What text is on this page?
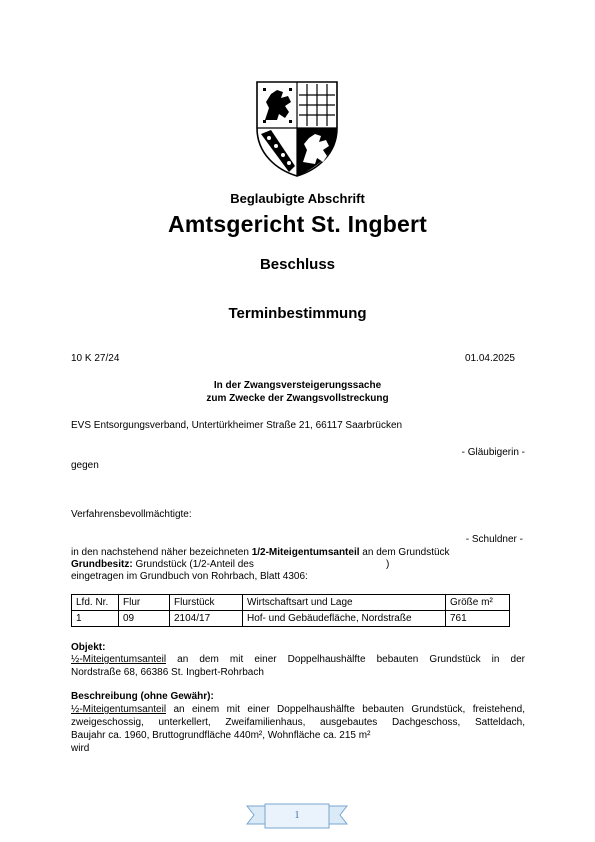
Beglaubigte Abschrift
Amtsgericht St. Ingbert
Beschluss
Terminbestimmung
10 K 27/24	01.04.2025
In der Zwangsversteigerungssache
zum Zwecke der Zwangsvollstreckung
EVS Entsorgungsverband, Untertürkheimer Straße 21, 66117 Saarbrücken
- Gläubigerin -
gegen
Verfahrensbevollmächtigte:
- Schuldner -
in den nachstehend näher bezeichneten 1/2-Miteigentumsanteil an dem Grundstück
Grundbesitz: Grundstück (1/2-Anteil des	)
eingetragen im Grundbuch von Rohrbach, Blatt 4306:
Lfd. Nr.	Flur	Flurstück	Wirtschaftsart und Lage	Größe m²
1	09	2104/17	Hof- und Gebäudefläche, Nordstraße	761
Objekt:
½-Miteigentumsanteil an dem mit einer Doppelhaushälfte bebauten Grundstück in der
Nordstraße 68, 66386 St. Ingbert-Rohrbach
Beschreibung (ohne Gewähr):
½-Miteigentumsanteil an einem mit einer Doppelhaushälfte bebauten Grundstück, freistehend,
zweigeschossig, unterkellert, Zweifamilienhaus, ausgebautes Dachgeschoss, Satteldach,
Baujahr ca. 1960, Bruttogrundfläche 440m², Wohnfläche ca. 215 m²
wird
1
